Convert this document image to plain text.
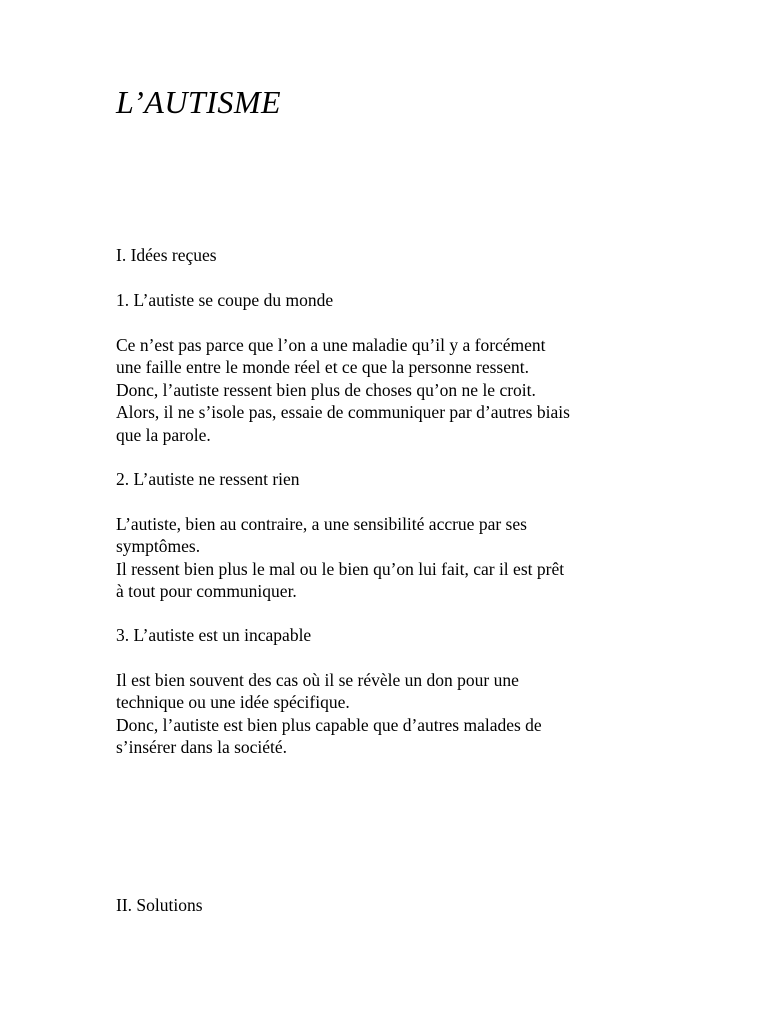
L’AUTISME

I. Idées reçues

1. L’autiste se coupe du monde

Ce n’est pas parce que l’on a une maladie qu’il y a forcément

une faille entre le monde réel et ce que la personne ressent.

Donc, l’autiste ressent bien plus de choses qu’on ne le croit.

Alors, il ne s’isole pas, essaie de communiquer par d’autres biais

que la parole.

2. L’autiste ne ressent rien

L’autiste, bien au contraire, a une sensibilité accrue par ses

symptômes.

Il ressent bien plus le mal ou le bien qu’on lui fait, car il est prêt

à tout pour communiquer.

3. L’autiste est un incapable

Il est bien souvent des cas où il se révèle un don pour une

technique ou une idée spécifique.

Donc, l’autiste est bien plus capable que d’autres malades de

s’insérer dans la société.

II. Solutions
